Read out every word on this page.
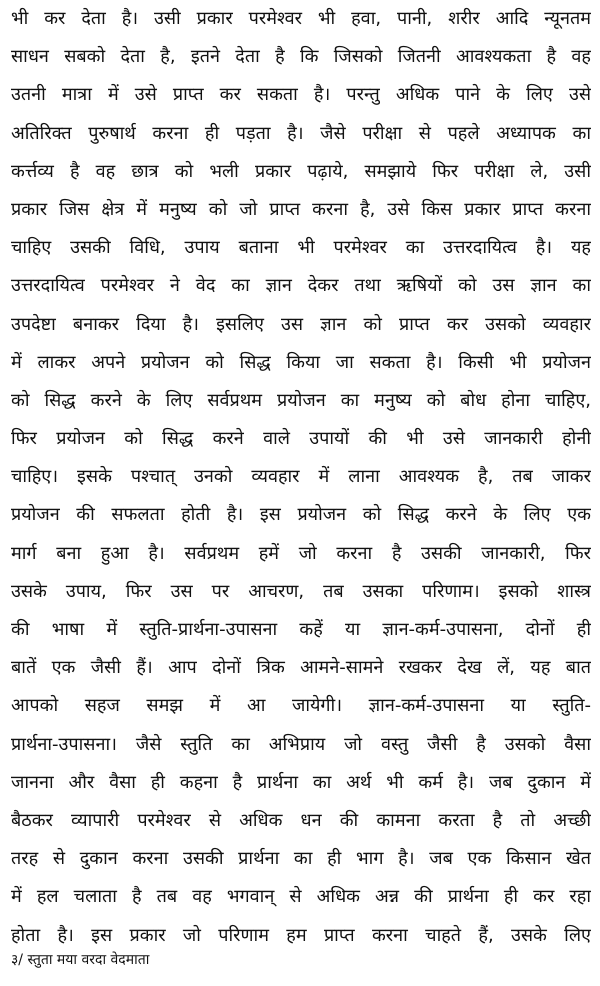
भी कर देता है। उसी प्रकार परमेश्वर भी हवा, पानी, शरीर आदि न्यूनतम
साधन सबको देता है, इतने देता है कि जिसको जितनी आवश्यकता है वह
उतनी मात्रा में उसे प्राप्त कर सकता है। परन्तु अधिक पाने के लिए उसे
अतिरिक्त पुरुषार्थ करना ही पड़ता है। जैसे परीक्षा से पहले अध्यापक का
कर्त्तव्य है वह छात्र को भली प्रकार पढ़ाये, समझाये फिर परीक्षा ले, उसी
प्रकार जिस क्षेत्र में मनुष्य को जो प्राप्त करना है, उसे किस प्रकार प्राप्त करना
चाहिए उसकी विधि, उपाय बताना भी परमेश्वर का उत्तरदायित्व है। यह
उत्तरदायित्व परमेश्वर ने वेद का ज्ञान देकर तथा ऋषियों को उस ज्ञान का
उपदेष्टा बनाकर दिया है। इसलिए उस ज्ञान को प्राप्त कर उसको व्यवहार
में लाकर अपने प्रयोजन को सिद्ध किया जा सकता है। किसी भी प्रयोजन
को सिद्ध करने के लिए सर्वप्रथम प्रयोजन का मनुष्य को बोध होना चाहिए,
फिर प्रयोजन को सिद्ध करने वाले उपायों की भी उसे जानकारी होनी
चाहिए। इसके पश्चात् उनको व्यवहार में लाना आवश्यक है, तब जाकर
प्रयोजन की सफलता होती है। इस प्रयोजन को सिद्ध करने के लिए एक
मार्ग बना हुआ है। सर्वप्रथम हमें जो करना है उसकी जानकारी, फिर
उसके उपाय, फिर उस पर आचरण, तब उसका परिणाम। इसको शास्त्र
की भाषा में स्तुति-प्रार्थना-उपासना कहें या ज्ञान-कर्म-उपासना, दोनों ही
बातें एक जैसी हैं। आप दोनों त्रिक आमने-सामने रखकर देख लें, यह बात
आपको सहज समझ में आ जायेगी। ज्ञान-कर्म-उपासना या स्तुति-
प्रार्थना-उपासना। जैसे स्तुति का अभिप्राय जो वस्तु जैसी है उसको वैसा
जानना और वैसा ही कहना है प्रार्थना का अर्थ भी कर्म है। जब दुकान में
बैठकर व्यापारी परमेश्वर से अधिक धन की कामना करता है तो अच्छी
तरह से दुकान करना उसकी प्रार्थना का ही भाग है। जब एक किसान खेत
में हल चलाता है तब वह भगवान् से अधिक अन्न की प्रार्थना ही कर रहा
होता है। इस प्रकार जो परिणाम हम प्राप्त करना चाहते हैं, उसके लिए
३/ स्तुता मया वरदा वेदमाता
